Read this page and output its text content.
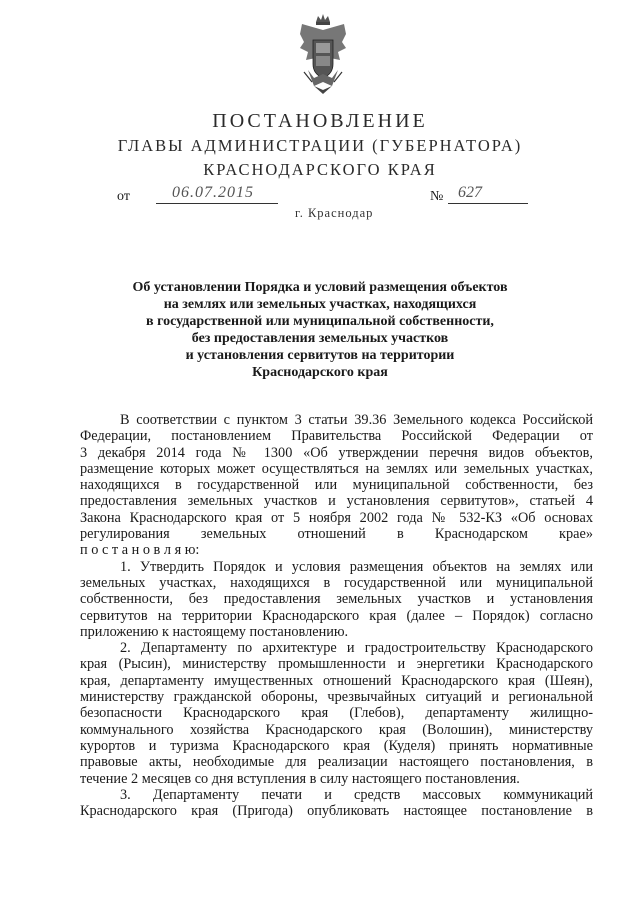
ПОСТАНОВЛЕНИЕ
ГЛАВЫ АДМИНИСТРАЦИИ (ГУБЕРНАТОРА)
КРАСНОДАРСКОГО КРАЯ
от	06.07.2015	№ 627
г. Краснодар
Об установлении Порядка и условий размещения объектов
на землях или земельных участках, находящихся
в государственной или муниципальной собственности,
без предоставления земельных участков
и установления сервитутов на территории
Краснодарского края
В соответствии с пунктом 3 статьи 39.36 Земельного кодекса Российской
Федерации, постановлением Правительства Российской Федерации от
3 декабря 2014 года № 1300 «Об утверждении перечня видов объектов,
размещение которых может осуществляться на землях или земельных участках,
находящихся в государственной или муниципальной собственности, без
предоставления земельных участков и установления сервитутов», статьей 4
Закона Краснодарского края от 5 ноября 2002 года № 532-КЗ «Об основах
регулирования земельных отношений в Краснодарском крае»
п о с т а н о в л я ю:
1. Утвердить Порядок и условия размещения объектов на землях или
земельных участках, находящихся в государственной или муниципальной
собственности, без предоставления земельных участков и установления
сервитутов на территории Краснодарского края (далее – Порядок) согласно
приложению к настоящему постановлению.
2. Департаменту по архитектуре и градостроительству Краснодарского
края (Рысин), министерству промышленности и энергетики Краснодарского
края, департаменту имущественных отношений Краснодарского края (Шеян),
министерству гражданской обороны, чрезвычайных ситуаций и региональной
безопасности Краснодарского края (Глебов), департаменту жилищно-
коммунального хозяйства Краснодарского края (Волошин), министерству
курортов и туризма Краснодарского края (Куделя) принять нормативные
правовые акты, необходимые для реализации настоящего постановления, в
течение 2 месяцев со дня вступления в силу настоящего постановления.
3. Департаменту печати и средств массовых коммуникаций
Краснодарского края (Пригода) опубликовать настоящее постановление в
